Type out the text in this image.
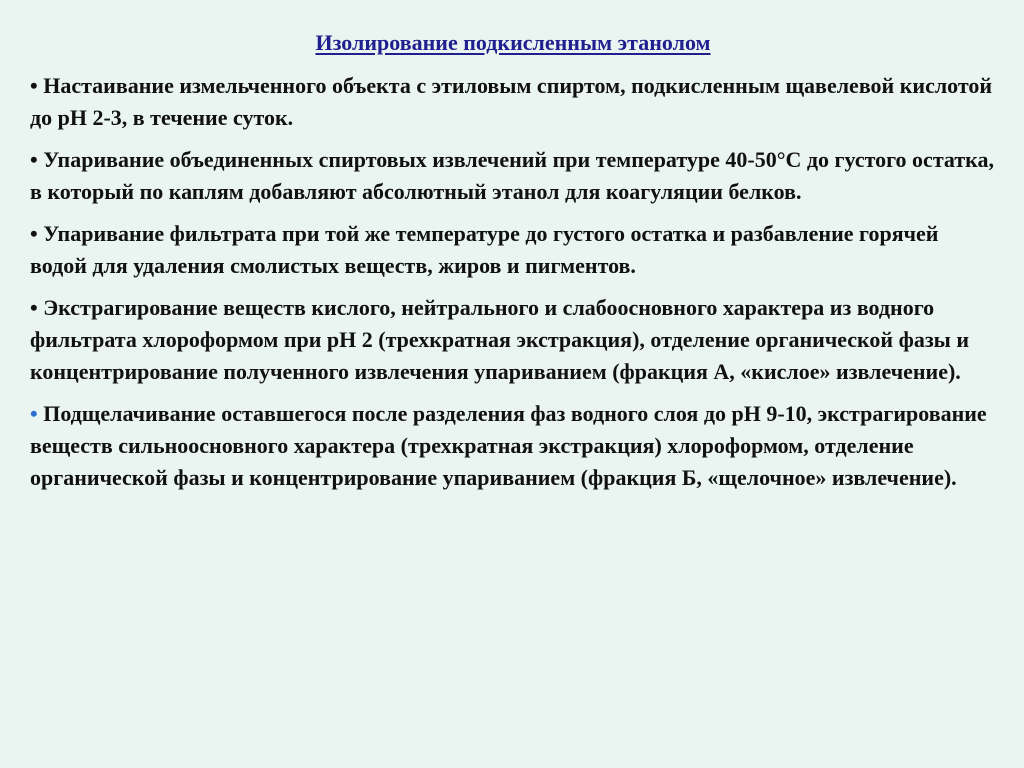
Изолирование подкисленным этанолом
• Настаивание измельченного объекта с этиловым спиртом, подкисленным щавелевой кислотой до pH 2-3, в течение суток.
• Упаривание объединенных спиртовых извлечений при температуре 40-50°С до густого остатка, в который по каплям добавляют абсолютный этанол для коагуляции белков.
• Упаривание фильтрата при той же температуре до густого остатка и разбавление горячей водой для удаления смолистых веществ, жиров и пигментов.
• Экстрагирование веществ кислого, нейтрального и слабоосновного характера из водного фильтрата хлороформом при pH 2 (трехкратная экстракция), отделение органической фазы и концентрирование полученного извлечения упариванием (фракция А, «кислое» извлечение).
• Подщелачивание оставшегося после разделения фаз водного слоя до pH 9-10, экстрагирование веществ сильноосновного характера (трехкратная экстракция) хлороформом, отделение органической фазы и концентрирование упариванием (фракция Б, «щелочное» извлечение).
